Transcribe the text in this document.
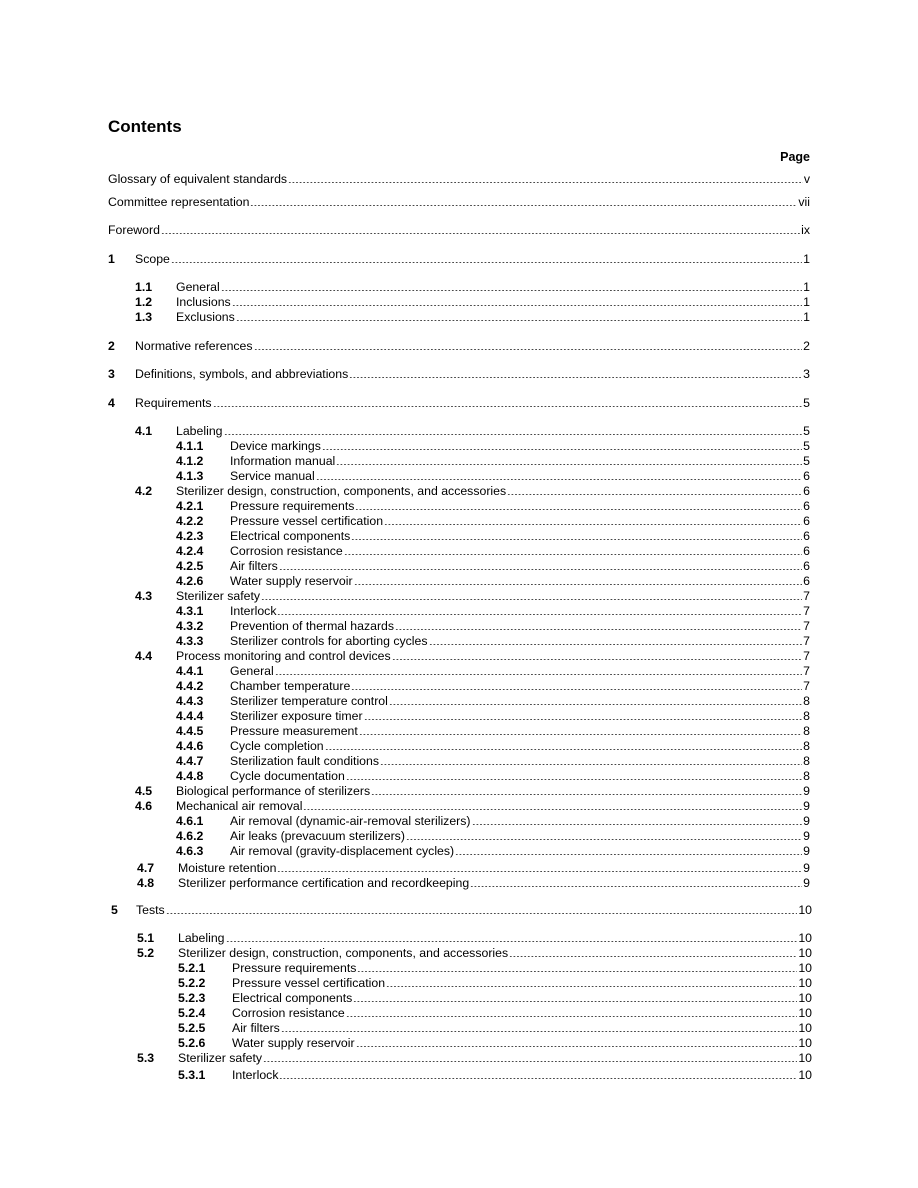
Contents
Page
Glossary of equivalent standards	v
Committee representation	vii
Foreword	ix
1	Scope	1
1.1	General	1
1.2	Inclusions	1
1.3	Exclusions	1
2	Normative references	2
3	Definitions, symbols, and abbreviations	3
4	Requirements	5
4.1	Labeling	5
4.1.1	Device markings	5
4.1.2	Information manual	5
4.1.3	Service manual	6
4.2	Sterilizer design, construction, components, and accessories	6
4.2.1	Pressure requirements	6
4.2.2	Pressure vessel certification	6
4.2.3	Electrical components	6
4.2.4	Corrosion resistance	6
4.2.5	Air filters	6
4.2.6	Water supply reservoir	6
4.3	Sterilizer safety	7
4.3.1	Interlock	7
4.3.2	Prevention of thermal hazards	7
4.3.3	Sterilizer controls for aborting cycles	7
4.4	Process monitoring and control devices	7
4.4.1	General	7
4.4.2	Chamber temperature	7
4.4.3	Sterilizer temperature control	8
4.4.4	Sterilizer exposure timer	8
4.4.5	Pressure measurement	8
4.4.6	Cycle completion	8
4.4.7	Sterilization fault conditions	8
4.4.8	Cycle documentation	8
4.5	Biological performance of sterilizers	9
4.6	Mechanical air removal	9
4.6.1	Air removal (dynamic-air-removal sterilizers)	9
4.6.2	Air leaks (prevacuum sterilizers)	9
4.6.3	Air removal (gravity-displacement cycles)	9
4.7	Moisture retention	9
4.8	Sterilizer performance certification and recordkeeping	9
5	Tests	10
5.1	Labeling	10
5.2	Sterilizer design, construction, components, and accessories	10
5.2.1	Pressure requirements	10
5.2.2	Pressure vessel certification	10
5.2.3	Electrical components	10
5.2.4	Corrosion resistance	10
5.2.5	Air filters	10
5.2.6	Water supply reservoir	10
5.3	Sterilizer safety	10
5.3.1	Interlock	10
